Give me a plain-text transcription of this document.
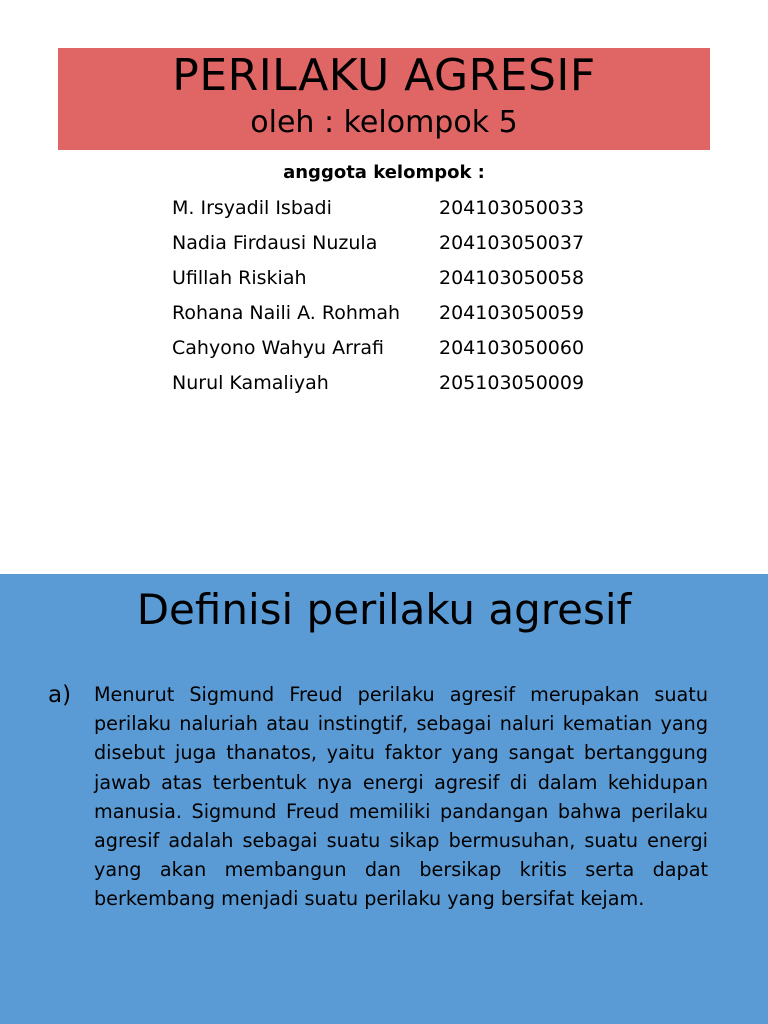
PERILAKU AGRESIF
oleh : kelompok 5
anggota kelompok :
M. Irsyadil Isbadi	204103050033
Nadia Firdausi Nuzula	204103050037
Ufillah Riskiah	204103050058
Rohana Naili A. Rohmah 204103050059
Cahyono Wahyu Arrafi	204103050060
Nurul Kamaliyah	205103050009
Definisi perilaku agresif
a) Menurut Sigmund Freud perilaku agresif merupakan suatu perilaku naluriah atau instingtif, sebagai naluri kematian yang disebut juga thanatos, yaitu faktor yang sangat bertanggung jawab atas terbentuk nya energi agresif di dalam kehidupan manusia. Sigmund Freud memiliki pandangan bahwa perilaku agresif adalah sebagai suatu sikap bermusuhan, suatu energi yang akan membangun dan bersikap kritis serta dapat berkembang menjadi suatu perilaku yang bersifat kejam.
